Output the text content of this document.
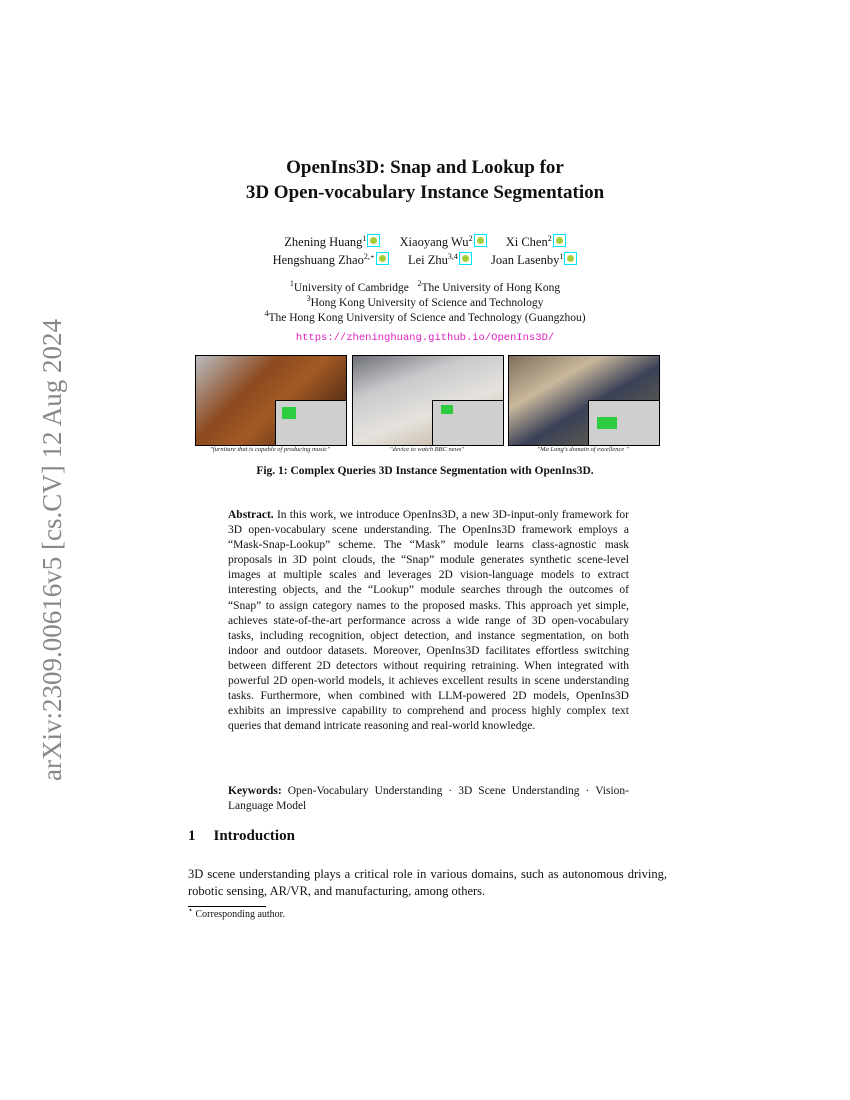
arXiv:2309.00616v5 [cs.CV] 12 Aug 2024
OpenIns3D: Snap and Lookup for
3D Open-vocabulary Instance Segmentation
Zhening Huang$^1$	Xiaoyang Wu$^2$	Xi Chen$^2$
Hengshuang Zhao$^{2,⋆}$	Lei Zhu$^{3,4}$	Joan Lasenby$^1$
$^1$University of Cambridge $^2$The University of Hong Kong
$^3$Hong Kong University of Science and Technology
$^4$The Hong Kong University of Science and Technology (Guangzhou)
https://zheninghuang.github.io/OpenIns3D/
"furniture that is capable of producing music"	"device to watch BBC news"	"Ma Long's domain of excellence "
Fig. 1: Complex Queries 3D Instance Segmentation with OpenIns3D.
Abstract. In this work, we introduce OpenIns3D, a new 3D-input-only framework for 3D open-vocabulary scene understanding. The OpenIns3D framework employs a “Mask-Snap-Lookup” scheme. The “Mask” module learns class-agnostic mask proposals in 3D point clouds, the “Snap” module generates synthetic scene-level images at multiple scales and leverages 2D vision-language models to extract interesting objects, and the “Lookup” module searches through the outcomes of “Snap” to assign category names to the proposed masks. This approach yet simple, achieves state-of-the-art performance across a wide range of 3D open-vocabulary tasks, including recognition, object detection, and instance segmentation, on both indoor and outdoor datasets. Moreover, OpenIns3D facilitates effortless switching between different 2D detectors without requiring retraining. When integrated with powerful 2D open-world models, it achieves excellent results in scene understanding tasks. Furthermore, when combined with LLM-powered 2D models, OpenIns3D exhibits an impressive capability to comprehend and process highly complex text queries that demand intricate reasoning and real-world knowledge.
Keywords: Open-Vocabulary Understanding · 3D Scene Understanding · Vision-Language Model
1 Introduction
3D scene understanding plays a critical role in various domains, such as autonomous driving, robotic sensing, AR/VR, and manufacturing, among others.
⋆ Corresponding author.
